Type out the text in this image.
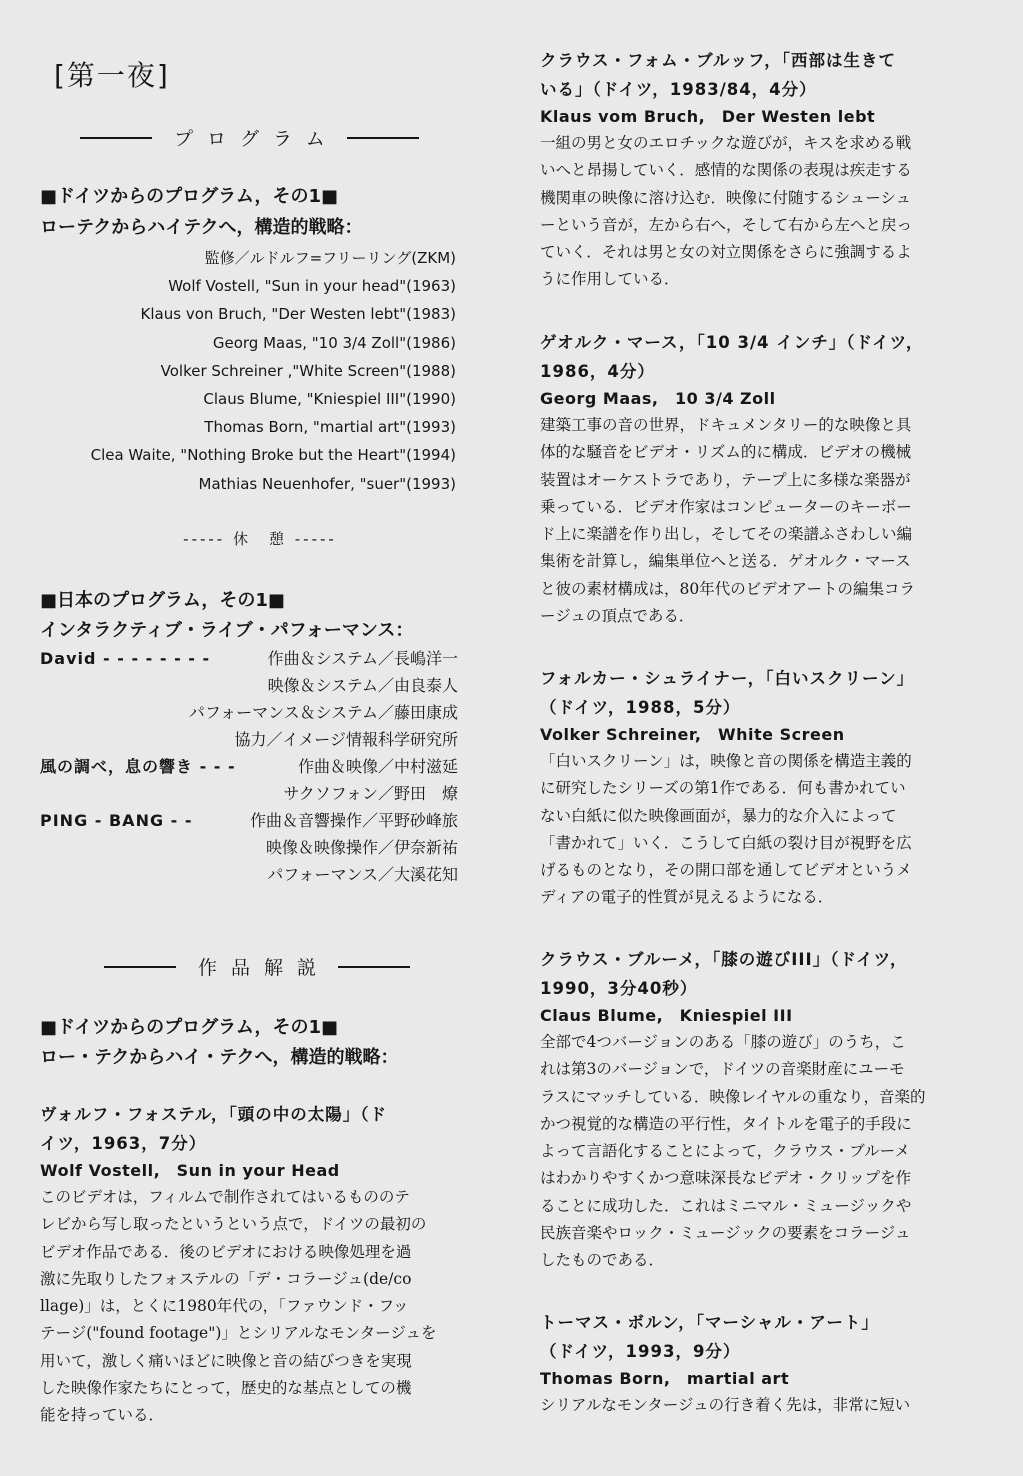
[第一夜]
プログラム
■ドイツからのプログラム，その1■
ローテクからハイテクへ，構造的戦略：
監修／ルドルフ=フリーリング(ZKM)
Wolf Vostell, "Sun in your head"(1963)
Klaus von Bruch, "Der Westen lebt"(1983)
Georg Maas, "10 3/4 Zoll"(1986)
Volker Schreiner ,"White Screen"(1988)
Claus Blume, "Kniespiel III"(1990)
Thomas Born, "martial art"(1993)
Clea Waite, "Nothing Broke but the Heart"(1994)
Mathias Neuenhofer, "suer"(1993)
----- 休　憩 -----
■日本のプログラム，その1■
インタラクティブ・ライブ・パフォーマンス：
David - - - - - - - -	作曲＆システム／長嶋洋一
映像＆システム／由良泰人
パフォーマンス＆システム／藤田康成
協力／イメージ情報科学研究所
風の調べ，息の響き - - -	作曲＆映像／中村滋延
サクソフォン／野田　燎
PING - BANG - -	作曲＆音響操作／平野砂峰旅
映像＆映像操作／伊奈新祐
パフォーマンス／大溪花知
作品解説
■ドイツからのプログラム，その1■
ロー・テクからハイ・テクへ，構造的戦略：
ヴォルフ・フォステル，「頭の中の太陽」（ド
イツ，1963，7分）
Wolf Vostell,　Sun in your Head
このビデオは，フィルムで制作されてはいるもののテ
レビから写し取ったというという点で，ドイツの最初の
ビデオ作品である．後のビデオにおける映像処理を過
激に先取りしたフォステルの「デ・コラージュ(de/co
llage)」は，とくに1980年代の，「ファウンド・フッ
テージ("found footage")」とシリアルなモンタージュを
用いて，激しく痛いほどに映像と音の結びつきを実現
した映像作家たちにとって，歴史的な基点としての機
能を持っている．
クラウス・フォム・ブルッフ，「西部は生きて
いる」（ドイツ，1983/84，4分）
Klaus vom Bruch,　Der Westen lebt
一組の男と女のエロチックな遊びが，キスを求める戦
いへと昂揚していく．感情的な関係の表現は疾走する
機関車の映像に溶け込む．映像に付随するシューシュ
ーという音が，左から右へ，そして右から左へと戻っ
ていく．それは男と女の対立関係をさらに強調するよ
うに作用している．
ゲオルク・マース，「10 3/4 インチ」（ドイツ，
1986，4分）
Georg Maas,　10 3/4 Zoll
建築工事の音の世界，ドキュメンタリー的な映像と具
体的な騒音をビデオ・リズム的に構成．ビデオの機械
装置はオーケストラであり，テープ上に多様な楽器が
乗っている．ビデオ作家はコンピューターのキーボー
ド上に楽譜を作り出し，そしてその楽譜ふさわしい編
集術を計算し，編集単位へと送る．ゲオルク・マース
と彼の素材構成は，80年代のビデオアートの編集コラ
ージュの頂点である．
フォルカー・シュライナー，「白いスクリーン」
（ドイツ，1988，5分）
Volker Schreiner,　White Screen
「白いスクリーン」は，映像と音の関係を構造主義的
に研究したシリーズの第1作である．何も書かれてい
ない白紙に似た映像画面が，暴力的な介入によって
「書かれて」いく．こうして白紙の裂け目が視野を広
げるものとなり，その開口部を通してビデオというメ
ディアの電子的性質が見えるようになる．
クラウス・ブルーメ，「膝の遊びIII」（ドイツ，
1990，3分40秒）
Claus Blume,　Kniespiel III
全部で4つバージョンのある「膝の遊び」のうち，こ
れは第3のバージョンで，ドイツの音楽財産にユーモ
ラスにマッチしている．映像レイヤルの重なり，音楽的
かつ視覚的な構造の平行性，タイトルを電子的手段に
よって言語化することによって，クラウス・ブルーメ
はわかりやすくかつ意味深長なビデオ・クリップを作
ることに成功した．これはミニマル・ミュージックや
民族音楽やロック・ミュージックの要素をコラージュ
したものである．
トーマス・ボルン，「マーシャル・アート」
（ドイツ，1993，9分）
Thomas Born,　martial art
シリアルなモンタージュの行き着く先は，非常に短い
